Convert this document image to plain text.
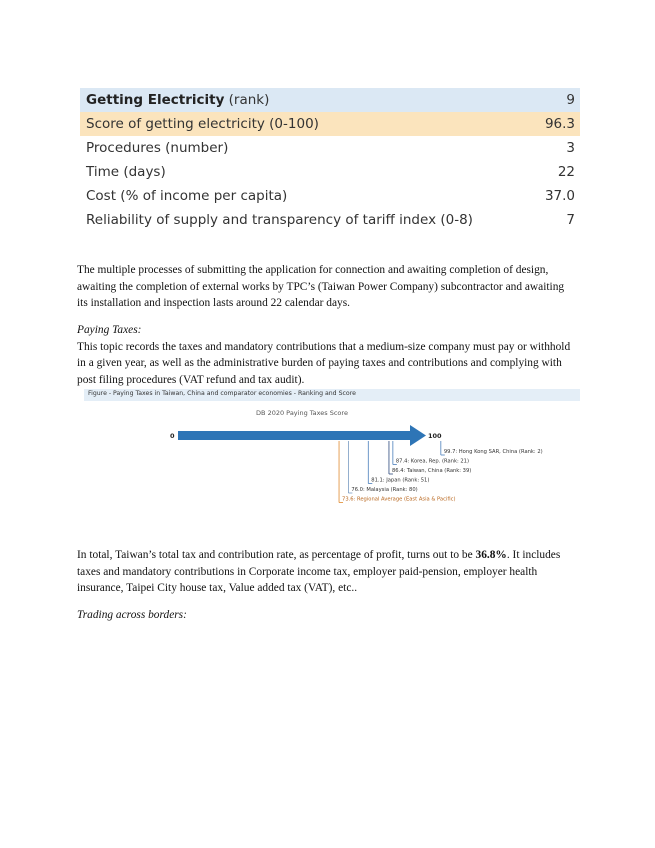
Getting Electricity (rank)	9
Score of getting electricity (0-100)	96.3
Procedures (number)	3
Time (days)	22
Cost (% of income per capita)	37.0
Reliability of supply and transparency of tariff index (0-8)	7

The multiple processes of submitting the application for connection and awaiting completion of design, awaiting the completion of external works by TPC’s (Taiwan Power Company) subcontractor and awaiting its installation and inspection lasts around 22 calendar days.

Paying Taxes:

This topic records the taxes and mandatory contributions that a medium-size company must pay or withhold in a given year, as well as the administrative burden of paying taxes and contributions and complying with post filing procedures (VAT refund and tax audit).

Figure - Paying Taxes in Taiwan, China and comparator economies - Ranking and Score
DB 2020 Paying Taxes Score
0	100
99.7: Hong Kong SAR, China (Rank: 2)
87.4: Korea, Rep. (Rank: 21)
86.4: Taiwan, China (Rank: 39)
81.1: Japan (Rank: 51)
76.0: Malaysia (Rank: 80)
73.6: Regional Average (East Asia & Pacific)

In total, Taiwan’s total tax and contribution rate, as percentage of profit, turns out to be 36.8%. It includes taxes and mandatory contributions in Corporate income tax, employer paid-pension, employer health insurance, Taipei City house tax, Value added tax (VAT), etc..

Trading across borders:
